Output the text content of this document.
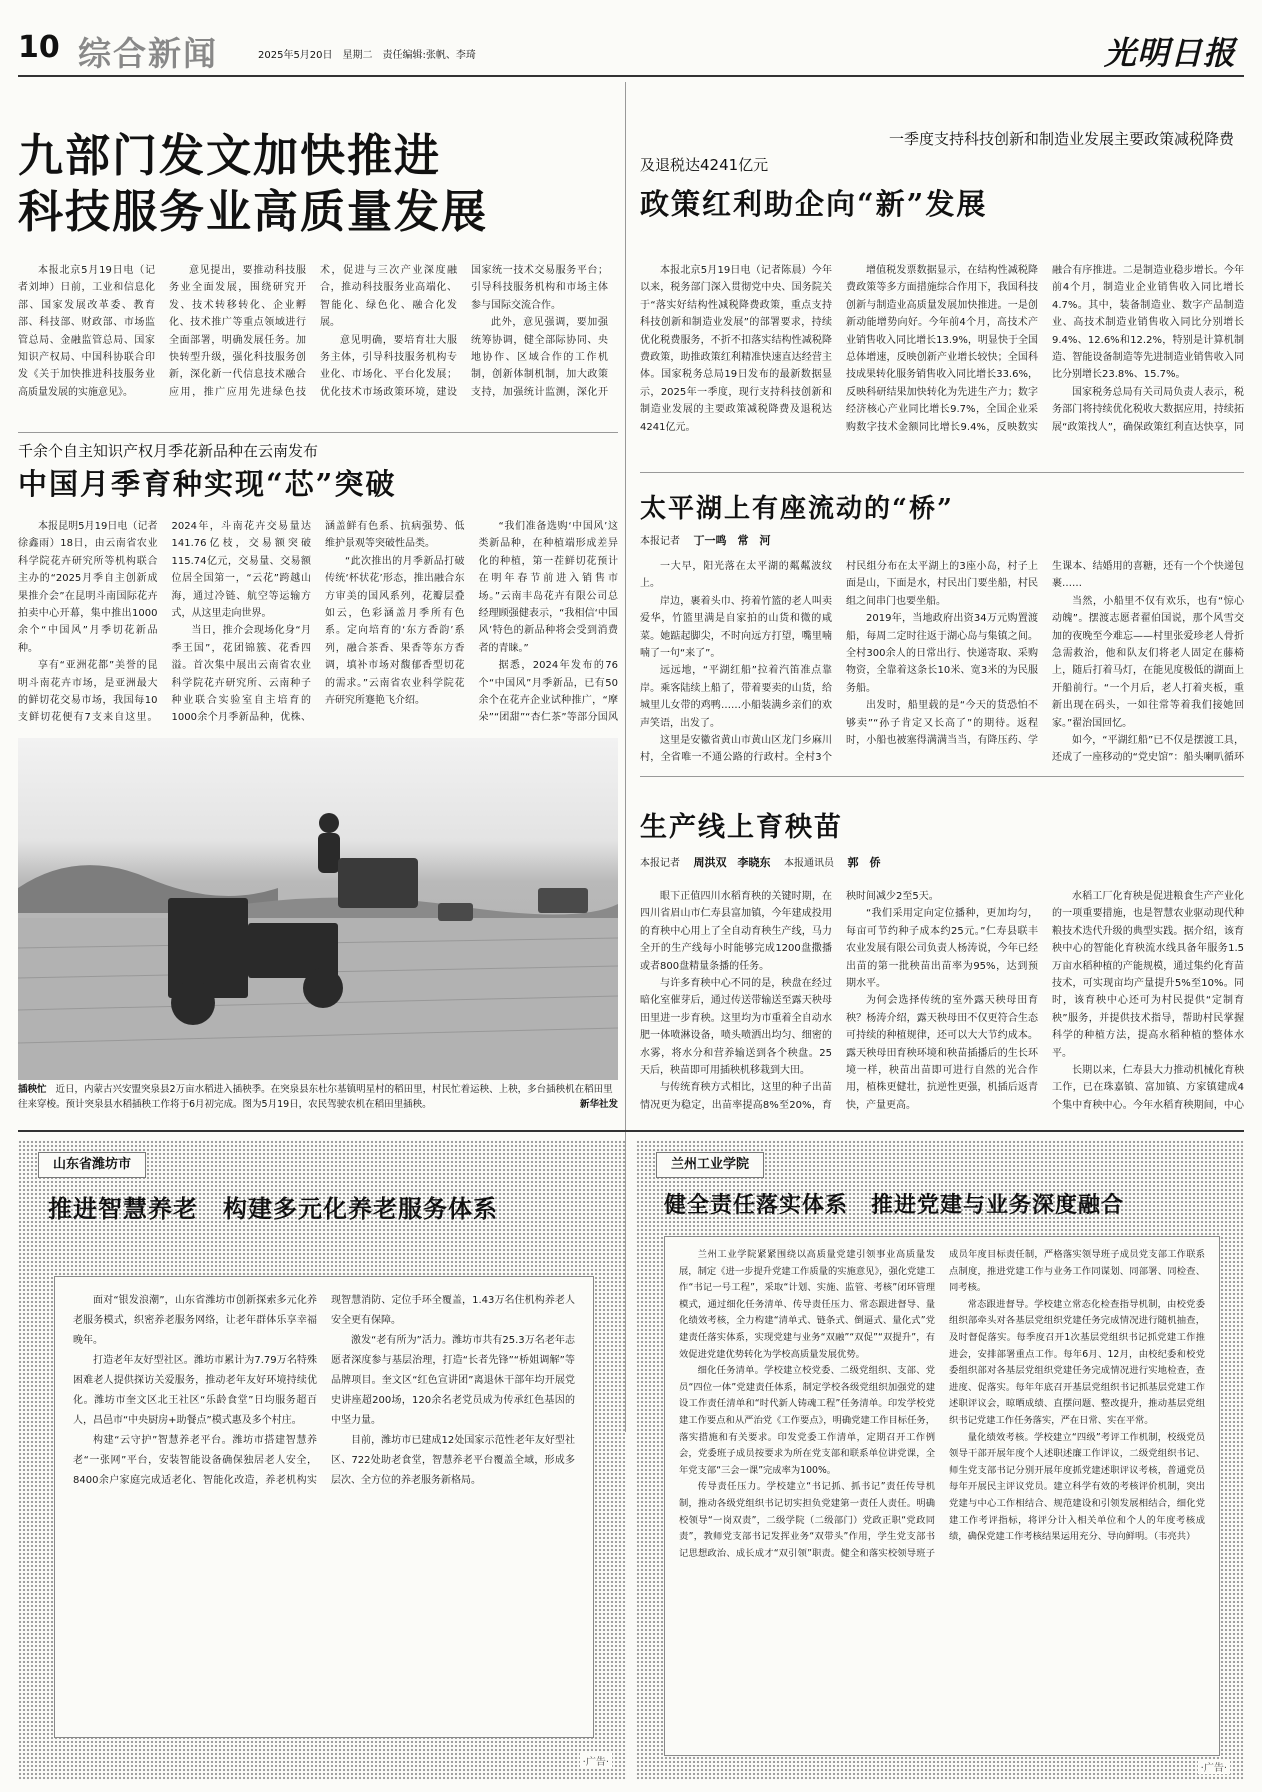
10 综合新闻	2025年5月20日　星期二　责任编辑:张帆、李琦	光明日报
九部门发文加快推进
科技服务业高质量发展

本报北京5月19日电（记者刘坤）日前，工业和信息化部、国家发展改革委、教育部、科技部、财政部、市场监管总局、金融监管总局、国家知识产权局、中国科协联合印发《关于加快推进科技服务业高质量发展的实施意见》。

意见提出，要推动科技服务业全面发展，围绕研究开发、技术转移转化、企业孵化、技术推广等重点领域进行全面部署，明确发展任务。加快转型升级，强化科技服务创新，深化新一代信息技术融合应用，推广应用先进绿色技术，促进与三次产业深度融合，推动科技服务业高端化、智能化、绿色化、融合化发展。

意见明确，要培育壮大服务主体，引导科技服务机构专业化、市场化、平台化发展；优化技术市场政策环境，建设国家统一技术交易服务平台；引导科技服务机构和市场主体参与国际交流合作。

此外，意见强调，要加强统筹协调，健全部际协同、央地协作、区域合作的工作机制，创新体制机制，加大政策支持，加强统计监测，深化开

一季度支持科技创新和制造业发展主要政策减税降费
及退税达4241亿元
政策红利助企向“新”发展

本报北京5月19日电（记者陈晨）今年以来，税务部门深入贯彻党中央、国务院关于“落实好结构性减税降费政策，重点支持科技创新和制造业发展”的部署要求，持续优化税费服务，不折不扣落实结构性减税降费政策，助推政策红利精准快速直达经营主体。国家税务总局19日发布的最新数据显示，2025年一季度，现行支持科技创新和制造业发展的主要政策减税降费及退税达4241亿元。

增值税发票数据显示，在结构性减税降费政策等多方面措施综合作用下，我国科技创新与制造业高质量发展加快推进。一是创新动能增势向好。今年前4个月，高技术产业销售收入同比增长13.9%，明显快于全国总体增速，反映创新产业增长较快；全国科技成果转化服务销售收入同比增长33.6%，反映科研结果加快转化为先进生产力；数字经济核心产业同比增长9.7%，全国企业采购数字技术金额同比增长9.4%，反映数实融合有序推进。二是制造业稳步增长。今年前4个月，制造业企业销售收入同比增长4.7%。其中，装备制造业、数字产品制造业、高技术制造业销售收入同比分别增长9.4%、12.6%和12.2%，特别是计算机制造、智能设备制造等先进制造业销售收入同比分别增长23.8%、15.7%。

国家税务总局有关司局负责人表示，税务部门将持续优化税收大数据应用，持续拓展“政策找人”，确保政策红利直达快享，同

千余个自主知识产权月季花新品种在云南发布
中国月季育种实现“芯”突破

本报昆明5月19日电（记者徐鑫雨）18日，由云南省农业科学院花卉研究所等机构联合主办的“2025月季自主创新成果推介会”在昆明斗南国际花卉拍卖中心开幕，集中推出1000余个“中国风”月季切花新品种。

享有“亚洲花都”美誉的昆明斗南花卉市场，是亚洲最大的鲜切花交易市场，我国每10支鲜切花便有7支来自这里。2024年，斗南花卉交易量达141.76亿枝，交易额突破115.74亿元，交易量、交易额位居全国第一，“云花”跨越山海，通过冷链、航空等运输方式，从这里走向世界。

当日，推介会现场化身“月季王国”，花团锦簇、花香四溢。首次集中展出云南省农业科学院花卉研究所、云南种子种业联合实验室自主培育的1000余个月季新品种，优株、涵盖鲜有色系、抗病强势、低维护景观等突破性品类。

“此次推出的月季新品打破传统‘杯状花’形态，推出融合东方审美的国风系列，花瓣层叠如云，色彩涵盖月季所有色系。定向培育的‘东方香韵’系列，融合茶香、果香等东方香调，填补市场对馥郁香型切花的需求。”云南省农业科学院花卉研究所蹇艳飞介绍。

“我们准备选购‘中国风’这类新品种，在种植端形成差异化的种植，第一茬鲜切花预计在明年春节前进入销售市场。”云南丰岛花卉有限公司总经理顾强健表示，“我相信‘中国风’特色的新品种将会受到消费者的青睐。”

据悉，2024年发布的76个“中国风”月季新品，已有50余个在花卉企业试种推广，“摩朵”“团甜”“杏仁茶”等部分国风

太平湖上有座流动的“桥”
本报记者 丁一鸣　常　河

一大早，阳光落在太平湖的粼粼波纹上。

岸边，裹着头巾、挎着竹篮的老人叫卖爱华，竹篮里满是自家拍的山货和微的咸菜。她踮起脚尖，不时向远方打望，嘴里喃喃了一句“来了”。

远远地，“平湖红船”拉着汽笛准点靠岸。乘客陆续上船了，带着要卖的山货，给城里儿女带的鸡鸭……小船装满乡亲们的欢声笑语，出发了。

这里是安徽省黄山市黄山区龙门乡麻川村，全省唯一不通公路的行政村。全村3个村民组分布在太平湖上的3座小岛，村子上面是山，下面是水，村民出门要坐船，村民组之间串门也要坐船。

2019年，当地政府出资34万元购置渡船，每周二定时往返于湖心岛与集镇之间。全村300余人的日常出行、快递寄取、采购物资，全靠着这条长10米、宽3米的为民服务船。

出发时，船里载的是“今天的货恐怕不够卖”“孙子肯定又长高了”的期待。返程时，小船也被塞得满满当当，有降压药、学生课本、结婚用的喜糖，还有一个个快递包裹……

当然，小船里不仅有欢乐，也有“惊心动魄”。摆渡志愿者翟伯国说，那个风雪交加的夜晚至今难忘——村里张爱珍老人骨折急需救治，他和队友们将老人固定在藤椅上，随后打着马灯，在能见度极低的湖面上开船前行。“一个月后，老人打着夹板，重新出现在码头，一如往常等着我们接她回家。”翟治国回忆。

如今，“平湖红船”已不仅是摆渡工具，还成了一座移动的“党史馆”：船头喇叭循环

插秧忙 近日，内蒙古兴安盟突泉县2万亩水稻进入插秧季。在突泉县东杜尔基镇明星村的稻田里，村民忙着运秧、上秧，多台插秧机在稻田里往来穿梭。预计突泉县水稻插秧工作将于6月初完成。图为5月19日，农民驾驶农机在稻田里插秧。	新华社发
生产线上育秧苗
本报记者 周洪双　李晓东 本报通讯员 郭　侨

眼下正值四川水稻育秧的关键时期，在四川省眉山市仁寿县富加镇，今年建成投用的育秧中心用上了全自动育秧生产线，马力全开的生产线每小时能够完成1200盘撒播或者800盘精量条播的任务。

与许多育秧中心不同的是，秧盘在经过暗化室催芽后，通过传送带输送至露天秧母田里进一步育秧。这里均为市重着全自动水肥一体喷淋设备，喷头喷洒出均匀、细密的水雾，将水分和营养输送到各个秧盘。25天后，秧苗即可用插秧机移栽到大田。

与传统育秧方式相比，这里的种子出苗情况更为稳定，出苗率提高8%至20%，育秧时间减少2至5天。

“我们采用定向定位播种，更加均匀，每亩可节约种子成本约25元。”仁寿县联丰农业发展有限公司负责人杨涛说，今年已经出苗的第一批秧苗出苗率为95%，达到预期水平。

为何会选择传统的室外露天秧母田育秧？杨涛介绍，露天秧母田不仅更符合生态可持续的种植规律，还可以大大节约成本。露天秧母田育秧环境和秧苗插播后的生长环境一样，秧苗出苗即可进行自然的光合作用，植株更健壮，抗逆性更强，机插后返青快，产量更高。

水稻工厂化育秧是促进粮食生产产业化的一项重要措施，也是智慧农业驱动现代种粮技术迭代升级的典型实践。据介绍，该育秧中心的智能化育秧流水线具备年服务1.5万亩水稻种植的产能规模，通过集约化育苗技术，可实现亩均产量提升5%至10%。同时，该育秧中心还可为村民提供“定制育秧”服务，并提供技术指导，帮助村民掌握科学的种植方法，提高水稻种植的整体水平。

长期以来，仁寿县大力推动机械化育秧工作，已在珠嘉镇、富加镇、方家镇建成4个集中育秧中心。今年水稻育秧期间，中心

山东省潍坊市
推进智慧养老　构建多元化养老服务体系

面对“银发浪潮”，山东省潍坊市创新探索多元化养老服务模式，织密养老服务网络，让老年群体乐享幸福晚年。

打造老年友好型社区。潍坊市累计为7.79万名特殊困难老人提供探访关爱服务，推动老年友好环境持续优化。潍坊市奎文区北王社区“乐龄食堂”日均服务超百人，昌邑市“中央厨房+助餐点”模式惠及多个村庄。

构建“云守护”智慧养老平台。潍坊市搭建智慧养老“一张网”平台，安装智能设备确保独居老人安全，8400余户家庭完成适老化、智能化改造，养老机构实现智慧消防、定位手环全覆盖，1.43万名住机构养老人安全更有保障。

激发“老有所为”活力。潍坊市共有25.3万名老年志愿者深度参与基层治理，打造“长者先锋”“桥姐调解”等品牌项目。奎文区“红色宣讲团”离退休干部年均开展党史讲座超200场，120余名老党员成为传承红色基因的中坚力量。

目前，潍坊市已建成12处国家示范性老年友好型社区、722处助老食堂，智慧养老平台覆盖全域，形成多层次、全方位的养老服务新格局。

·广告·
兰州工业学院
健全责任落实体系　推进党建与业务深度融合

兰州工业学院紧紧围绕以高质量党建引领事业高质量发展，制定《进一步提升党建工作质量的实施意见》，强化党建工作“书记一号工程”，采取“计划、实施、监管、考核”闭环管理模式，通过细化任务清单、传导责任压力、常态跟进督导、量化绩效考核，全力构建“清单式、链条式、倒逼式、量化式”党建责任落实体系，实现党建与业务“双融”“双促”“双提升”，有效促进党建优势转化为学校高质量发展优势。

细化任务清单。学校建立校党委、二级党组织、支部、党员“四位一体”党建责任体系，制定学校各级党组织加强党的建设工作责任清单和“时代新人铸魂工程”任务清单。印发学校党建工作要点和从严治党《工作要点》，明确党建工作目标任务，落实措施和有关要求。印发党委工作清单，定期召开工作例会，党委班子成员按要求为所在党支部和联系单位讲党课，全年党支部“三会一课”完成率为100%。

传导责任压力。学校建立“书记抓、抓书记”责任传导机制，推动各级党组织书记切实担负党建第一责任人责任。明确校领导“一岗双责”，二级学院（二级部门）党政正职“党政同责”，教师党支部书记发挥业务“双带头”作用，学生党支部书记思想政治、成长成才“双引领”职责。健全和落实校领导班子成员年度目标责任制，严格落实领导班子成员党支部工作联系点制度，推进党建工作与业务工作同谋划、同部署、同检查、同考核。

常态跟进督导。学校建立常态化检查指导机制，由校党委组织部牵头对各基层党组织党建任务完成情况进行随机抽查，及时督促落实。每季度召开1次基层党组织书记抓党建工作推进会，安排部署重点工作。每年6月、12月，由校纪委和校党委组织部对各基层党组织党建任务完成情况进行实地检查，查进度、促落实。每年年底召开基层党组织书记抓基层党建工作述职评议会，晾晒成绩、直摆问题、整改提升，推动基层党组织书记党建工作任务落实，严在日常、实在平常。

量化绩效考核。学校建立“四级”考评工作机制，校级党员领导干部开展年度个人述职述廉工作评议，二级党组织书记、师生党支部书记分别开展年度抓党建述职评议考核，普通党员每年开展民主评议党员。建立科学有效的考核评价机制，突出党建与中心工作相结合、规范建设和引领发展相结合，细化党建工作考评指标，将评分计入相关单位和个人的年度考核成绩，确保党建工作考核结果运用充分、导向鲜明。（韦亮共）

·广告·
